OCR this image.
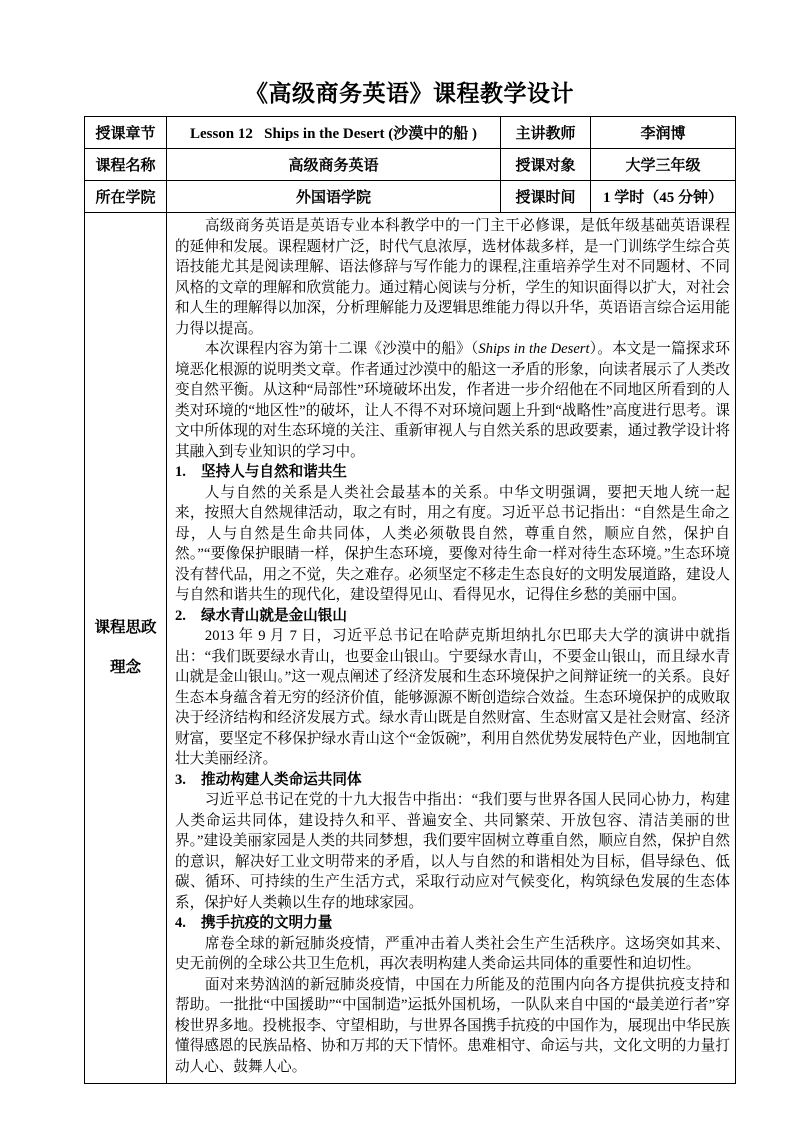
《高级商务英语》课程教学设计
授课章节	Lesson 12   Ships in the Desert (沙漠中的船 )	主讲教师	李润博
课程名称	高级商务英语	授课对象	大学三年级
所在学院	外国语学院	授课时间	1 学时（45 分钟）

课程思政
理念

高级商务英语是英语专业本科教学中的一门主干必修课，是低年级基础英语课程的延伸和发展。课程题材广泛，时代气息浓厚，选材体裁多样，是一门训练学生综合英语技能尤其是阅读理解、语法修辞与写作能力的课程,注重培养学生对不同题材、不同风格的文章的理解和欣赏能力。通过精心阅读与分析，学生的知识面得以扩大，对社会和人生的理解得以加深，分析理解能力及逻辑思维能力得以升华，英语语言综合运用能力得以提高。

本次课程内容为第十二课《沙漠中的船》（Ships in the Desert）。本文是一篇探求环境恶化根源的说明类文章。作者通过沙漠中的船这一矛盾的形象，向读者展示了人类改变自然平衡。从这种“局部性”环境破坏出发，作者进一步介绍他在不同地区所看到的人类对环境的“地区性”的破坏，让人不得不对环境问题上升到“战略性”高度进行思考。课文中所体现的对生态环境的关注、重新审视人与自然关系的思政要素，通过教学设计将其融入到专业知识的学习中。

1. 坚持人与自然和谐共生

人与自然的关系是人类社会最基本的关系。中华文明强调，要把天地人统一起来，按照大自然规律活动，取之有时，用之有度。习近平总书记指出：“自然是生命之母，人与自然是生命共同体，人类必须敬畏自然，尊重自然，顺应自然，保护自然。”“要像保护眼睛一样，保护生态环境，要像对待生命一样对待生态环境。”生态环境没有替代品，用之不觉，失之难存。必须坚定不移走生态良好的文明发展道路，建设人与自然和谐共生的现代化，建设望得见山、看得见水，记得住乡愁的美丽中国。

2. 绿水青山就是金山银山

2013 年 9 月 7 日，习近平总书记在哈萨克斯坦纳扎尔巴耶夫大学的演讲中就指出：“我们既要绿水青山，也要金山银山。宁要绿水青山，不要金山银山，而且绿水青山就是金山银山。”这一观点阐述了经济发展和生态环境保护之间辩证统一的关系。良好生态本身蕴含着无穷的经济价值，能够源源不断创造综合效益。生态环境保护的成败取决于经济结构和经济发展方式。绿水青山既是自然财富、生态财富又是社会财富、经济财富，要坚定不移保护绿水青山这个“金饭碗”，利用自然优势发展特色产业，因地制宜壮大美丽经济。

3. 推动构建人类命运共同体

习近平总书记在党的十九大报告中指出：“我们要与世界各国人民同心协力，构建人类命运共同体，建设持久和平、普遍安全、共同繁荣、开放包容、清洁美丽的世界。”建设美丽家园是人类的共同梦想，我们要牢固树立尊重自然，顺应自然，保护自然的意识，解决好工业文明带来的矛盾，以人与自然的和谐相处为目标，倡导绿色、低碳、循环、可持续的生产生活方式，采取行动应对气候变化，构筑绿色发展的生态体系，保护好人类赖以生存的地球家园。

4. 携手抗疫的文明力量

席卷全球的新冠肺炎疫情，严重冲击着人类社会生产生活秩序。这场突如其来、史无前例的全球公共卫生危机，再次表明构建人类命运共同体的重要性和迫切性。

面对来势汹汹的新冠肺炎疫情，中国在力所能及的范围内向各方提供抗疫支持和帮助。一批批“中国援助”“中国制造”运抵外国机场，一队队来自中国的“最美逆行者”穿梭世界多地。投桃报李、守望相助，与世界各国携手抗疫的中国作为，展现出中华民族懂得感恩的民族品格、协和万邦的天下情怀。患难相守、命运与共，文化文明的力量打动人心、鼓舞人心。
